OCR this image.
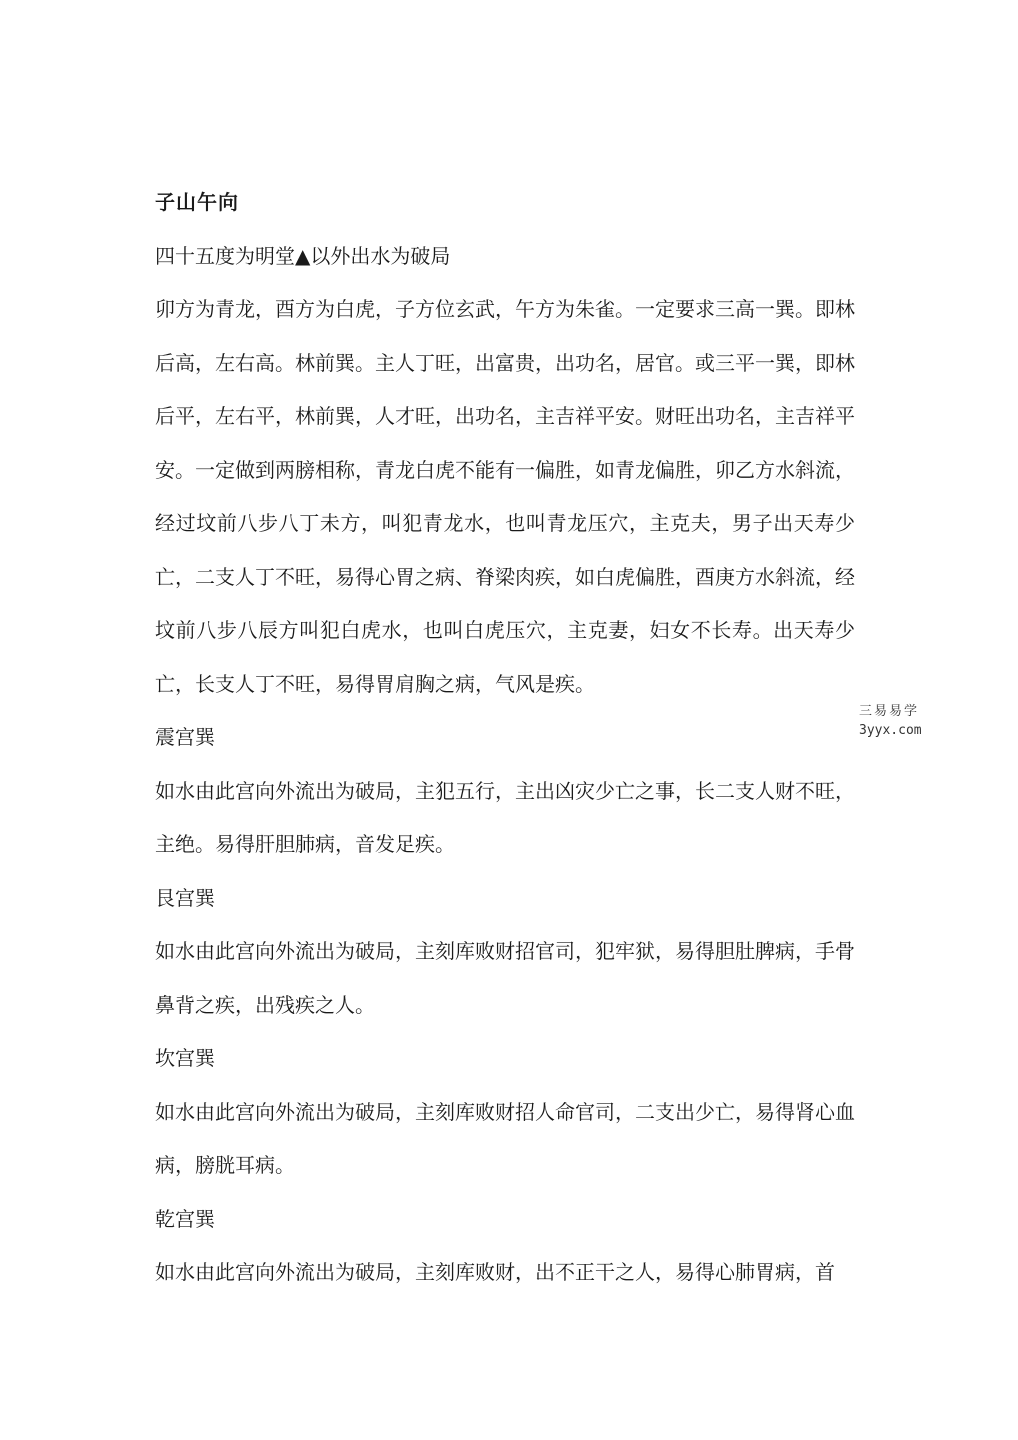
子山午向
四十五度为明堂▲以外出水为破局

卯方为青龙，酉方为白虎，子方位玄武，午方为朱雀。一定要求三高一巽。即林后高，左右高。林前巽。主人丁旺，出富贵，出功名，居官。或三平一巽，即林后平，左右平，林前巽，人才旺，出功名，主吉祥平安。财旺出功名，主吉祥平安。一定做到两膀相称，青龙白虎不能有一偏胜，如青龙偏胜，卯乙方水斜流，经过坟前八步八丁未方，叫犯青龙水，也叫青龙压穴，主克夫，男子出天寿少亡，二支人丁不旺，易得心胃之病、脊梁肉疾，如白虎偏胜，酉庚方水斜流，经坟前八步八辰方叫犯白虎水，也叫白虎压穴，主克妻，妇女不长寿。出天寿少亡，长支人丁不旺，易得胃肩胸之病，气风是疾。

震宫巽

如水由此宫向外流出为破局，主犯五行，主出凶灾少亡之事，长二支人财不旺，主绝。易得肝胆肺病，音发足疾。

艮宫巽

如水由此宫向外流出为破局，主刻库败财招官司，犯牢狱，易得胆肚脾病，手骨鼻背之疾，出残疾之人。

坎宫巽

如水由此宫向外流出为破局，主刻库败财招人命官司，二支出少亡，易得肾心血病，膀胱耳病。

乾宫巽

如水由此宫向外流出为破局，主刻库败财，出不正干之人，易得心肺胃病，首

三易易学
3yyx.com
